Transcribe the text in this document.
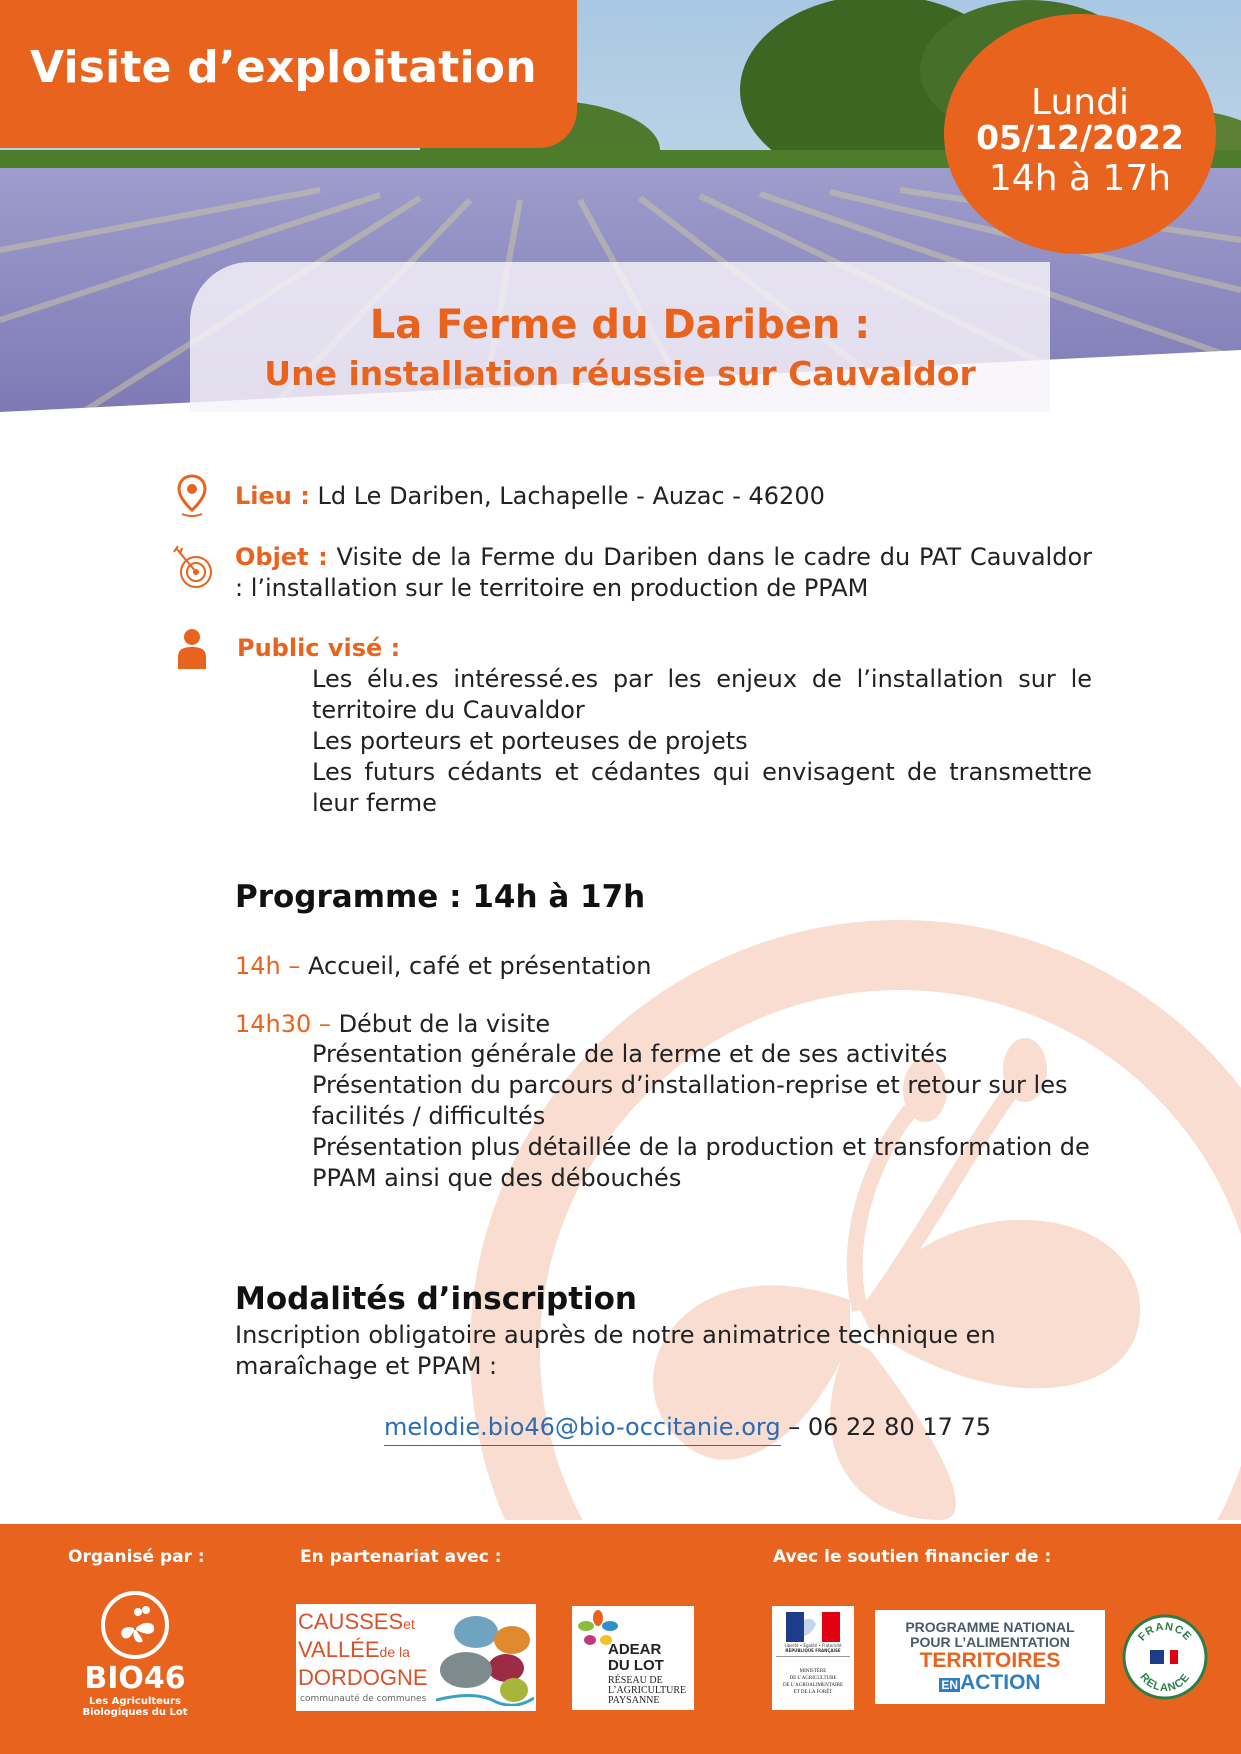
Visite d’exploitation
Lundi
05/12/2022
14h à 17h
La Ferme du Dariben :
Une installation réussie sur Cauvaldor
Lieu : Ld Le Dariben, Lachapelle - Auzac - 46200
Objet : Visite de la Ferme du Dariben dans le cadre du PAT Cauvaldor : l’installation sur le territoire en production de PPAM
Public visé :
Les élu.es intéressé.es par les enjeux de l’installation sur le territoire du Cauvaldor
Les porteurs et porteuses de projets
Les futurs cédants et cédantes qui envisagent de transmettre leur ferme
Programme : 14h à 17h
14h – Accueil, café et présentation
14h30 – Début de la visite
Présentation générale de la ferme et de ses activités
Présentation du parcours d’installation-reprise et retour sur les facilités / difficultés
Présentation plus détaillée de la production et transformation de PPAM ainsi que des débouchés
Modalités d’inscription
Inscription obligatoire auprès de notre animatrice technique en maraîchage et PPAM :
melodie.bio46@bio-occitanie.org – 06 22 80 17 75
Organisé par :	En partenariat avec :	Avec le soutien financier de :
BIO46
Les Agriculteurs
Biologiques du Lot
CAUSSESet
VALLÉEde la
DORDOGNE
communauté de communes
ADEAR
DU LOT
RÉSEAU DE
L’AGRICULTURE
PAYSANNE
Liberté • Égalité • Fraternité
RÉPUBLIQUE FRANÇAISE
MINISTÈRE
DE L’AGRICULTURE
DE L’AGROALIMENTAIRE
ET DE LA FORÊT
PROGRAMME NATIONAL
POUR L’ALIMENTATION
TERRITOIRES
ENACTION
FRANCE
RELANCE
